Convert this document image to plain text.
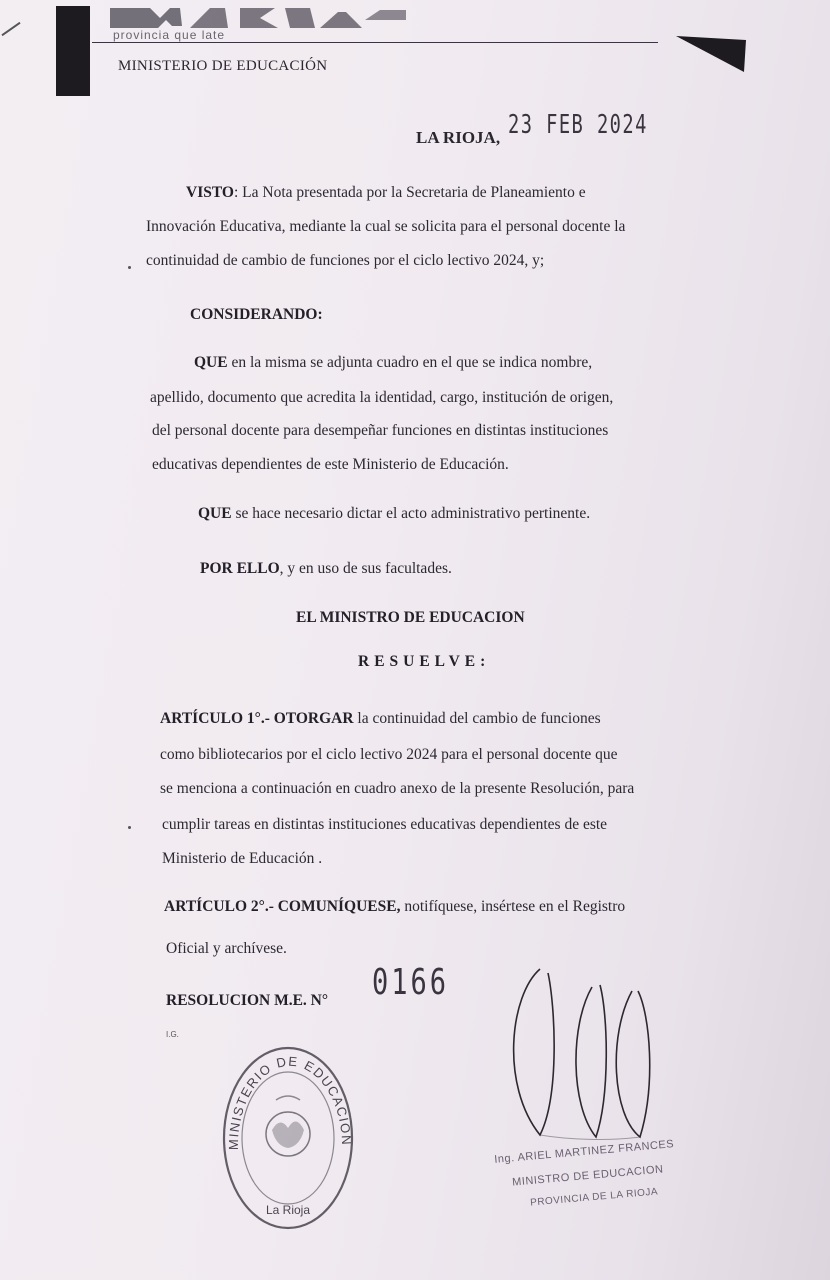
provincia que late
MINISTERIO DE EDUCACIÓN
LA RIOJA, 23 FEB 2024
VISTO: La Nota presentada por la Secretaria de Planeamiento e
Innovación Educativa, mediante la cual se solicita para el personal docente la
continuidad de cambio de funciones por el ciclo lectivo 2024, y;
CONSIDERANDO:
QUE en la misma se adjunta cuadro en el que se indica nombre,
apellido, documento que acredita la identidad, cargo, institución de origen,
del personal docente para desempeñar funciones en distintas instituciones
educativas dependientes de este Ministerio de Educación.
QUE se hace necesario dictar el acto administrativo pertinente.
POR ELLO, y en uso de sus facultades.
EL MINISTRO DE EDUCACION
RESUELVE:
ARTÍCULO 1°.- OTORGAR la continuidad del cambio de funciones
como bibliotecarios por el ciclo lectivo 2024 para el personal docente que
se menciona a continuación en cuadro anexo de la presente Resolución, para
cumplir tareas en distintas instituciones educativas dependientes de este
Ministerio de Educación .
ARTÍCULO 2°.- COMUNÍQUESE, notifíquese, insértese en el Registro
Oficial y archívese.
RESOLUCION M.E. N° 0166
I.G.
MINISTERIO DE EDUCACION
La Rioja
Ing. ARIEL MARTINEZ FRANCES
MINISTRO DE EDUCACION
PROVINCIA DE LA RIOJA
